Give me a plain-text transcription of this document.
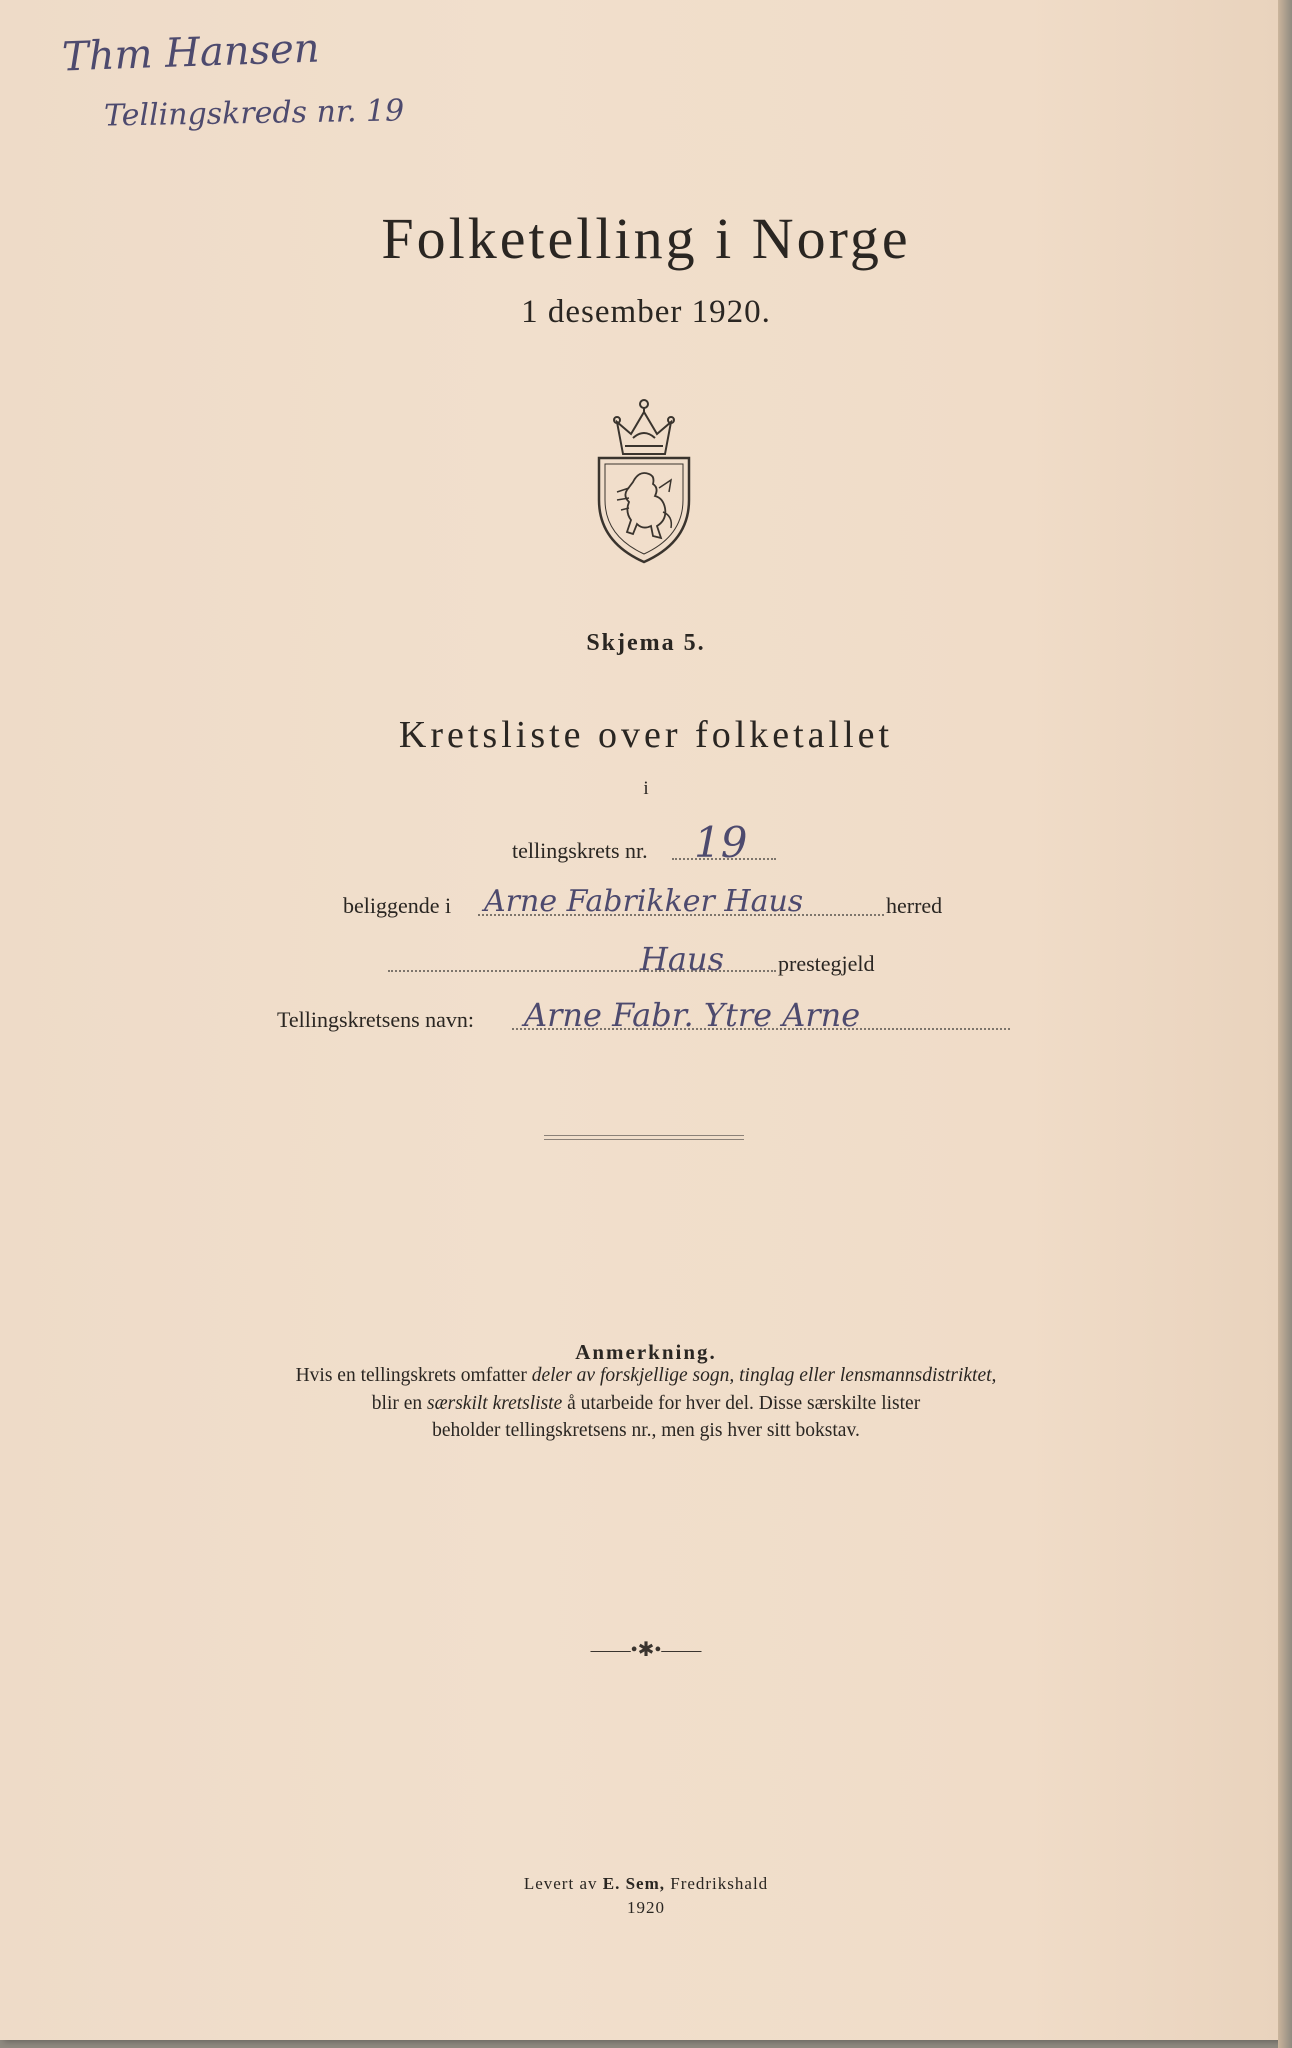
Thm Hansen
Tellingskreds nr. 19
Folketelling i Norge
1 desember 1920.
Skjema 5.
Kretsliste over folketallet
i
tellingskrets nr. 19
beliggende i Arne Fabrikker Haus	herred
Haus prestegjeld
Tellingskretsens navn: Arne Fabr. Ytre Arne
Anmerkning.
Hvis en tellingskrets omfatter deler av forskjellige sogn, tinglag eller lensmannsdistriktet,
blir en særskilt kretsliste å utarbeide for hver del. Disse særskilte lister
beholder tellingskretsens nr., men gis hver sitt bokstav.
——•✱•——
Levert av E. Sem, Fredrikshald
1920
